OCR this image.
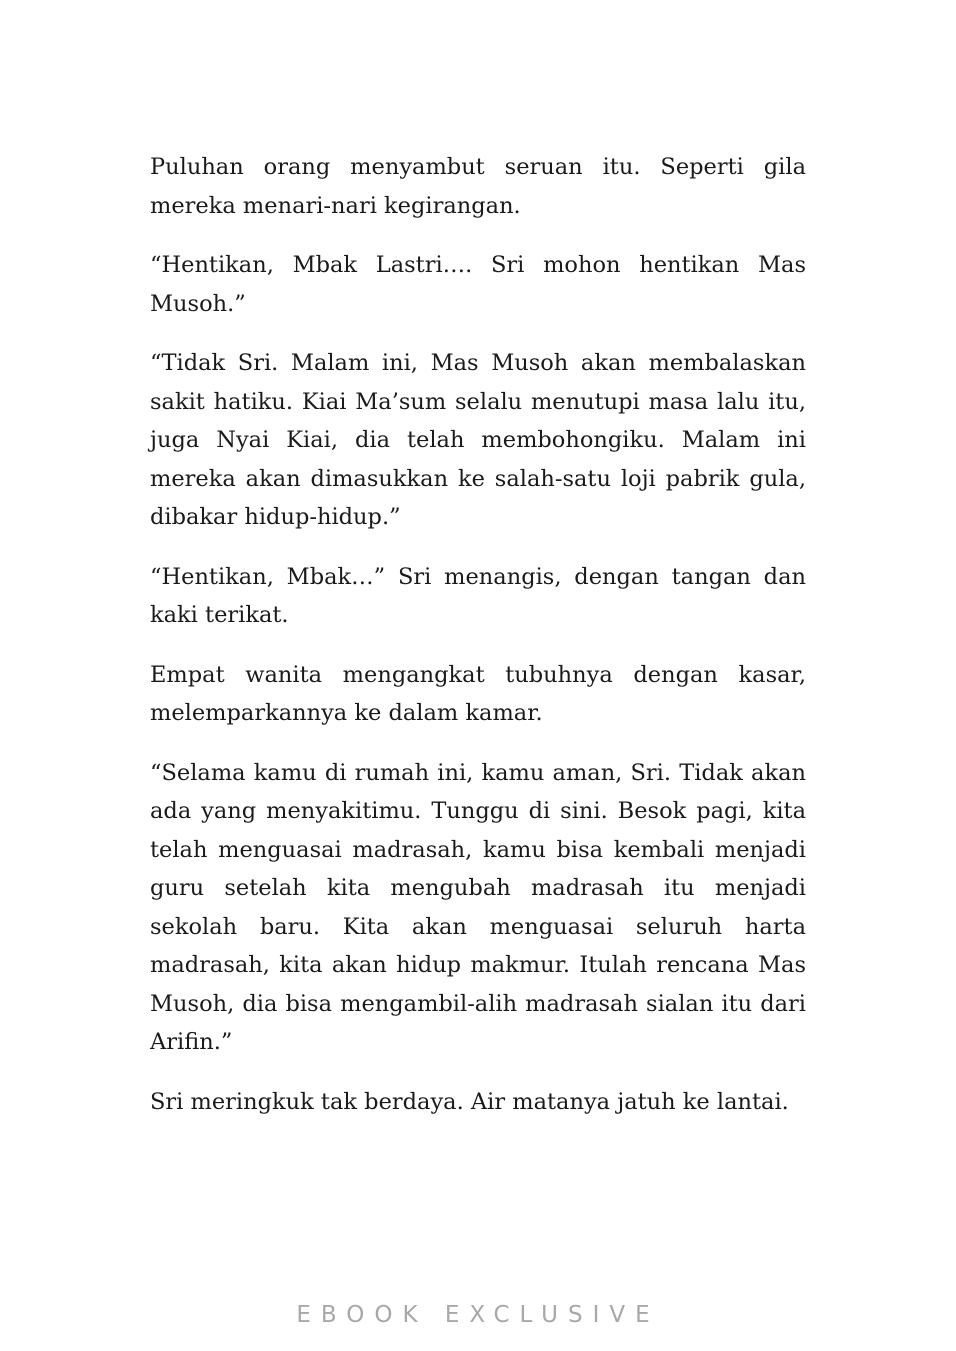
Puluhan orang menyambut seruan itu. Seperti gila mereka menari-nari kegirangan.

“Hentikan, Mbak Lastri…. Sri mohon hentikan Mas Musoh.”

“Tidak Sri. Malam ini, Mas Musoh akan membalaskan sakit hatiku. Kiai Ma’sum selalu menutupi masa lalu itu, juga Nyai Kiai, dia telah membohongiku. Malam ini mereka akan dimasukkan ke salah-satu loji pabrik gula, dibakar hidup-hidup.”

“Hentikan, Mbak…” Sri menangis, dengan tangan dan kaki terikat.

Empat wanita mengangkat tubuhnya dengan kasar, melemparkannya ke dalam kamar.

“Selama kamu di rumah ini, kamu aman, Sri. Tidak akan ada yang menyakitimu. Tunggu di sini. Besok pagi, kita telah menguasai madrasah, kamu bisa kembali menjadi guru setelah kita mengubah madrasah itu menjadi sekolah baru. Kita akan menguasai seluruh harta madrasah, kita akan hidup makmur. Itulah rencana Mas Musoh, dia bisa mengambil-alih madrasah sialan itu dari Arifin.”

Sri meringkuk tak berdaya. Air matanya jatuh ke lantai.

EBOOK EXCLUSIVE
